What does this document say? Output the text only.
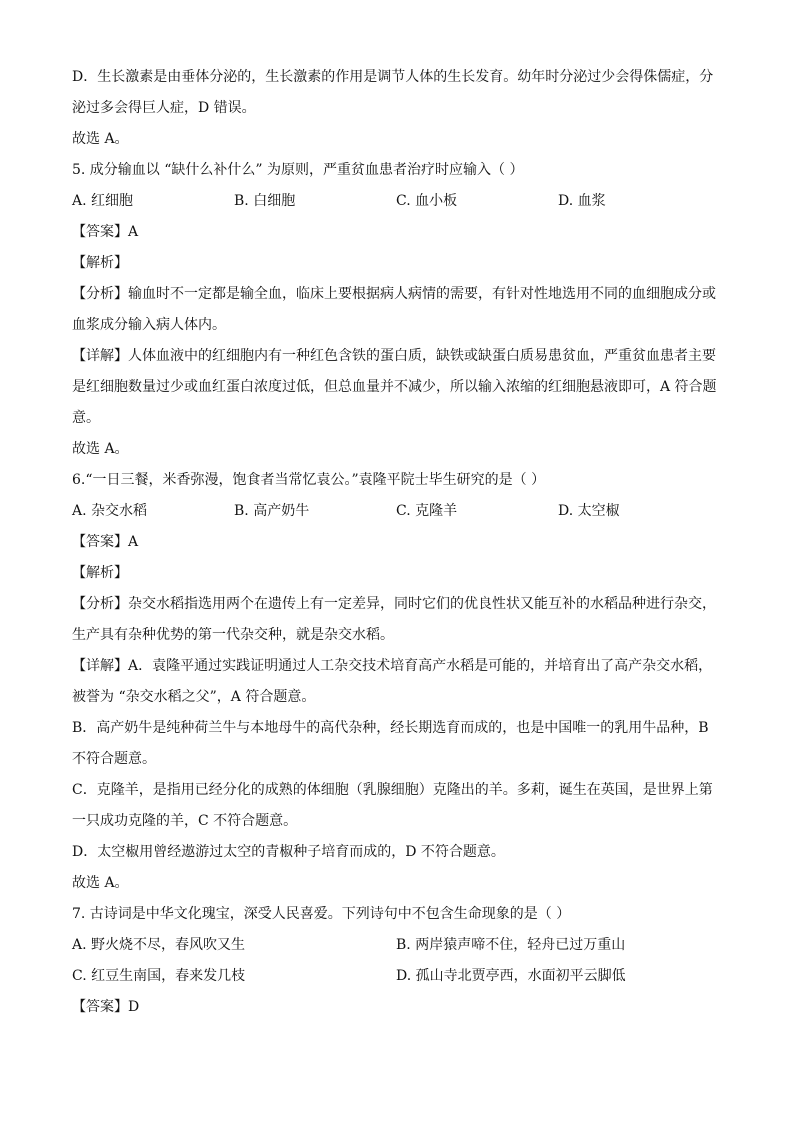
D．生长激素是由垂体分泌的，生长激素的作用是调节人体的生长发育。幼年时分泌过少会得侏儒症，分
泌过多会得巨人症，D 错误。
故选 A。
5. 成分输血以 “缺什么补什么” 为原则，严重贫血患者治疗时应输入（ ）
A. 红细胞	B. 白细胞	C. 血小板	D. 血浆
【答案】A
【解析】
【分析】输血时不一定都是输全血，临床上要根据病人病情的需要，有针对性地选用不同的血细胞成分或
血浆成分输入病人体内。
【详解】人体血液中的红细胞内有一种红色含铁的蛋白质，缺铁或缺蛋白质易患贫血，严重贫血患者主要
是红细胞数量过少或血红蛋白浓度过低，但总血量并不减少，所以输入浓缩的红细胞悬液即可，A 符合题
意。
故选 A。
6.“一日三餐，米香弥漫，饱食者当常忆袁公。”袁隆平院士毕生研究的是（ ）
A. 杂交水稻	B. 高产奶牛	C. 克隆羊	D. 太空椒
【答案】A
【解析】
【分析】杂交水稻指选用两个在遗传上有一定差异，同时它们的优良性状又能互补的水稻品种进行杂交，
生产具有杂种优势的第一代杂交种，就是杂交水稻。
【详解】A．袁隆平通过实践证明通过人工杂交技术培育高产水稻是可能的，并培育出了高产杂交水稻，
被誉为 “杂交水稻之父”，A 符合题意。
B．高产奶牛是纯种荷兰牛与本地母牛的高代杂种，经长期选育而成的，也是中国唯一的乳用牛品种，B
不符合题意。
C．克隆羊，是指用已经分化的成熟的体细胞（乳腺细胞）克隆出的羊。多莉，诞生在英国，是世界上第
一只成功克隆的羊，C 不符合题意。
D．太空椒用曾经遨游过太空的青椒种子培育而成的，D 不符合题意。
故选 A。
7. 古诗词是中华文化瑰宝，深受人民喜爱。下列诗句中不包含生命现象的是（ ）
A. 野火烧不尽，春风吹又生	B. 两岸猿声啼不住，轻舟已过万重山
C. 红豆生南国，春来发几枝	D. 孤山寺北贾亭西，水面初平云脚低
【答案】D
